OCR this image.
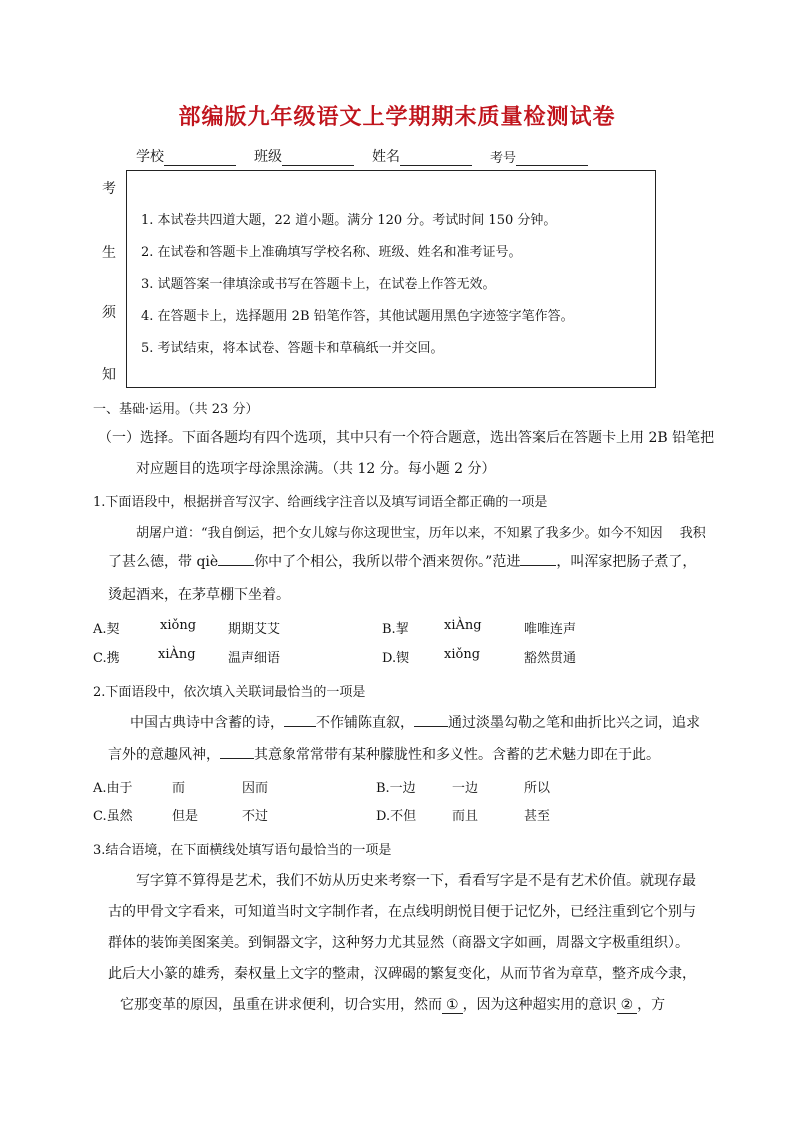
部编版九年级语文上学期期末质量检测试卷
学校	班级	姓名	考号
考
生
须
知
1. 本试卷共四道大题，22 道小题。满分 120 分。考试时间 150 分钟。
2. 在试卷和答题卡上准确填写学校名称、班级、姓名和准考证号。
3. 试题答案一律填涂或书写在答题卡上，在试卷上作答无效。
4. 在答题卡上，选择题用 2B 铅笔作答，其他试题用黑色字迹签字笔作答。
5. 考试结束，将本试卷、答题卡和草稿纸一并交回。
一、基础·运用。（共 23 分）
（一）选择。下面各题均有四个选项，其中只有一个符合题意，选出答案后在答题卡上用 2B 铅笔把
对应题目的选项字母涂黑涂满。（共 12 分。每小题 2 分）
1.下面语段中，根据拼音写汉字、给画线字注音以及填写词语全都正确的一项是
胡屠户道：“我自倒运，把个女儿嫁与你这现世宝，历年以来，不知累了我多少。如今不知因　 我积
了甚么德，带 qiè	你中了个相公，我所以带个酒来贺你。”范进	，叫浑家把肠子煮了，
烫起酒来，在茅草棚下坐着。
A.契	xiǒng 期期艾艾	B.挈	xiÀng	唯唯连声
C.携	xiÀng 温声细语	D.锲	xiǒng	豁然贯通
2.下面语段中，依次填入关联词最恰当的一项是
中国古典诗中含蓄的诗， 不作铺陈直叙， 通过淡墨勾勒之笔和曲折比兴之词，追求
言外的意趣风神， 其意象常常带有某种朦胧性和多义性。含蓄的艺术魅力即在于此。
A.由于	而	因而	B.一边	一边	所以
C.虽然	但是	不过	D.不但	而且	甚至
3.结合语境，在下面横线处填写语句最恰当的一项是
写字算不算得是艺术，我们不妨从历史来考察一下，看看写字是不是有艺术价值。就现存最
古的甲骨文字看来，可知道当时文字制作者，在点线明朗悦目便于记忆外，已经注重到它个别与
群体的装饰美图案美。到铜器文字，这种努力尤其显然（商器文字如画，周器文字极重组织）。
此后大小篆的雄秀，秦权量上文字的整肃，汉碑碣的繁复变化，从而节省为章草，整齐成今隶，
它那变革的原因，虽重在讲求便利，切合实用，然而 ① ，因为这种超实用的意识 ② ，方
